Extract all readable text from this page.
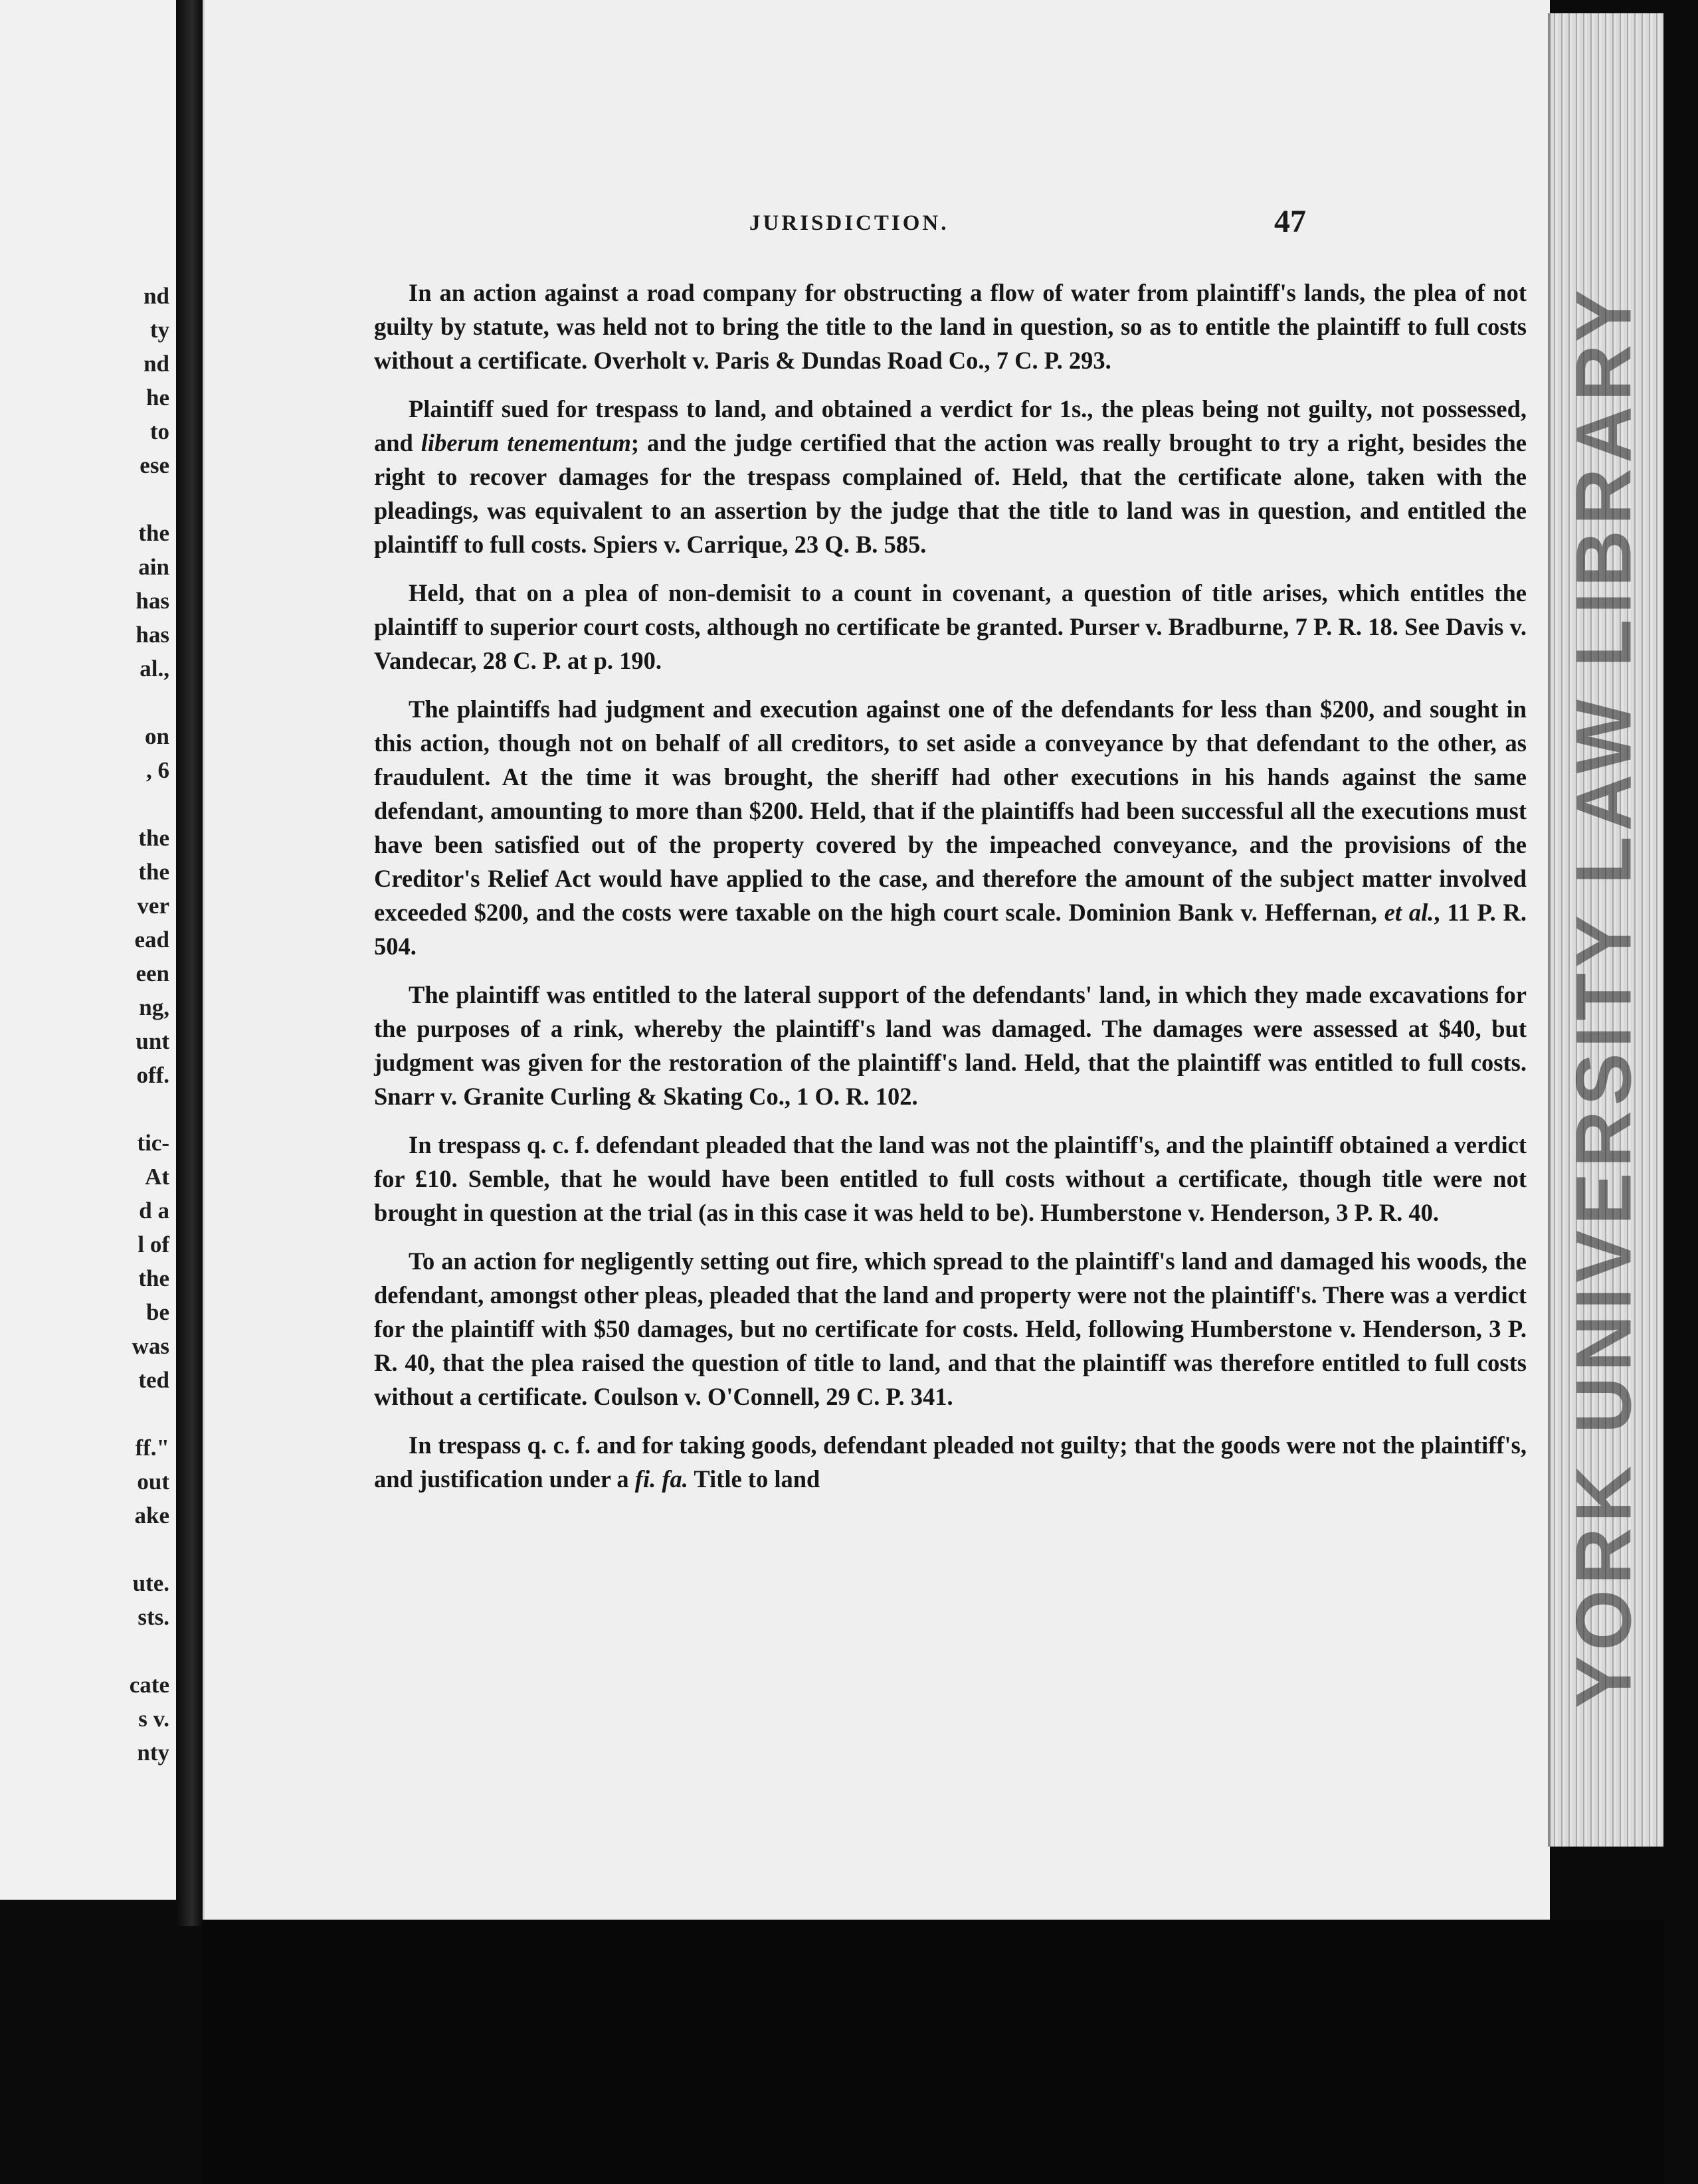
nd
ty
nd
he
to
ese

the
ain
has
has
al.,

on
, 6

the
the
ver
ead
een
ng,
unt
off.

tic-
At
d a
l of
the
be
was
ted

ff."
out
ake

ute.
sts.

cate
s v.
nty
JURISDICTION.	47

In an action against a road company for obstructing a flow of water from plaintiff's lands, the plea of not guilty by statute, was held not to bring the title to the land in question, so as to entitle the plaintiff to full costs without a certificate. Overholt v. Paris & Dundas Road Co., 7 C. P. 293.

Plaintiff sued for trespass to land, and obtained a verdict for 1s., the pleas being not guilty, not possessed, and liberum tenementum; and the judge certified that the action was really brought to try a right, besides the right to recover damages for the trespass complained of. Held, that the certificate alone, taken with the pleadings, was equivalent to an assertion by the judge that the title to land was in question, and entitled the plaintiff to full costs. Spiers v. Carrique, 23 Q. B. 585.

Held, that on a plea of non-demisit to a count in covenant, a question of title arises, which entitles the plaintiff to superior court costs, although no certificate be granted. Purser v. Bradburne, 7 P. R. 18. See Davis v. Vandecar, 28 C. P. at p. 190.

The plaintiffs had judgment and execution against one of the defendants for less than $200, and sought in this action, though not on behalf of all creditors, to set aside a conveyance by that defendant to the other, as fraudulent. At the time it was brought, the sheriff had other executions in his hands against the same defendant, amounting to more than $200. Held, that if the plaintiffs had been successful all the executions must have been satisfied out of the property covered by the impeached conveyance, and the provisions of the Creditor's Relief Act would have applied to the case, and therefore the amount of the subject matter involved exceeded $200, and the costs were taxable on the high court scale. Dominion Bank v. Heffernan, et al., 11 P. R. 504.

The plaintiff was entitled to the lateral support of the defendants' land, in which they made excavations for the purposes of a rink, whereby the plaintiff's land was damaged. The damages were assessed at $40, but judgment was given for the restoration of the plaintiff's land. Held, that the plaintiff was entitled to full costs. Snarr v. Granite Curling & Skating Co., 1 O. R. 102.

In trespass q. c. f. defendant pleaded that the land was not the plaintiff's, and the plaintiff obtained a verdict for £10. Semble, that he would have been entitled to full costs without a certificate, though title were not brought in question at the trial (as in this case it was held to be). Humberstone v. Henderson, 3 P. R. 40.

To an action for negligently setting out fire, which spread to the plaintiff's land and damaged his woods, the defendant, amongst other pleas, pleaded that the land and property were not the plaintiff's. There was a verdict for the plaintiff with $50 damages, but no certificate for costs. Held, following Humberstone v. Henderson, 3 P. R. 40, that the plea raised the question of title to land, and that the plaintiff was therefore entitled to full costs without a certificate. Coulson v. O'Connell, 29 C. P. 341.

In trespass q. c. f. and for taking goods, defendant pleaded not guilty; that the goods were not the plaintiff's, and justification under a fi. fa. Title to land	YORK UNIVERSITY LAW LIBRARY
